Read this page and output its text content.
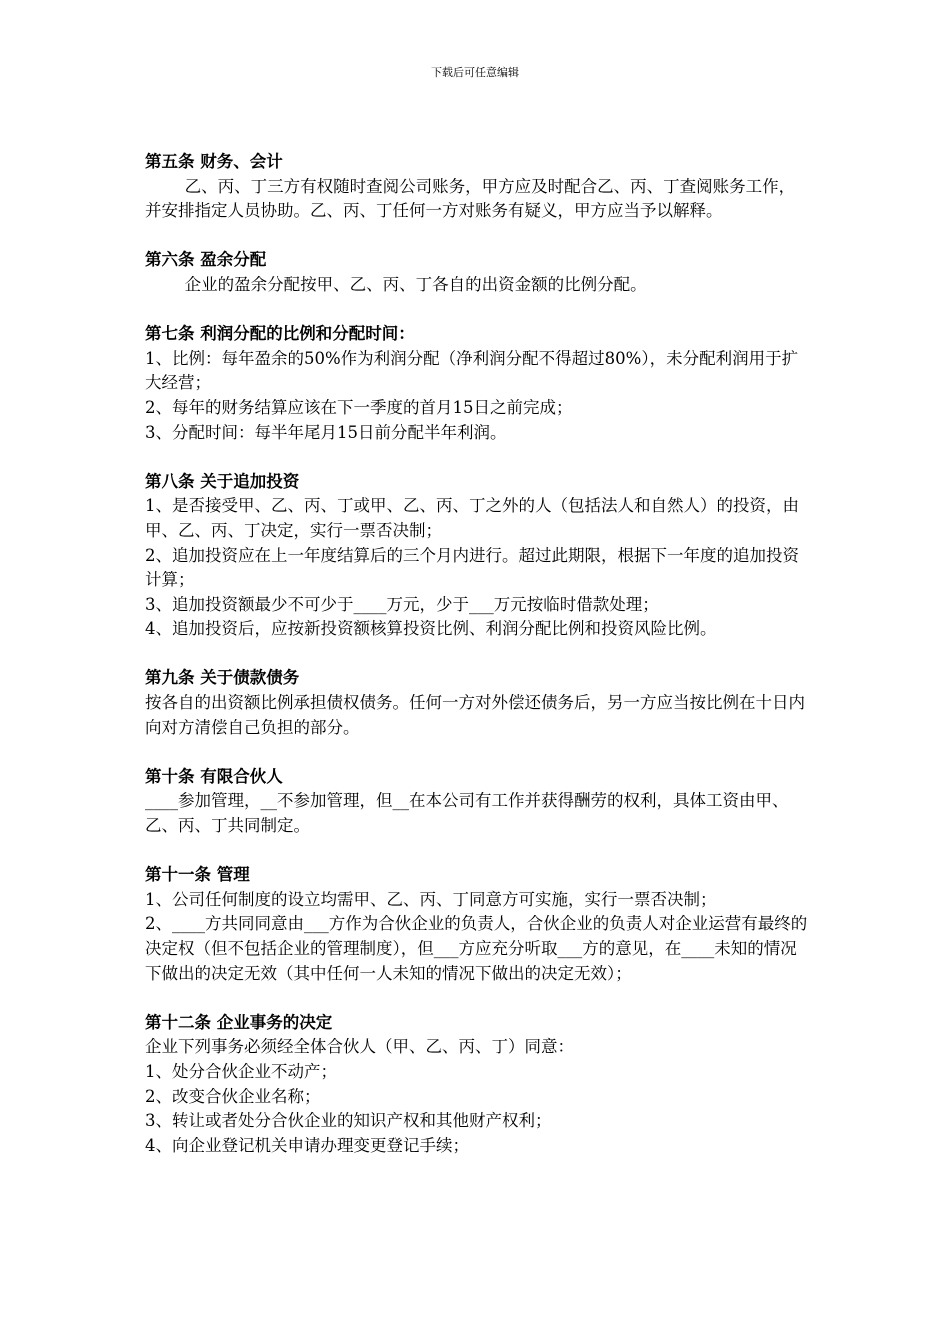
下载后可任意编辑
第五条 财务、会计

乙、丙、丁三方有权随时查阅公司账务，甲方应及时配合乙、丙、丁查阅账务工作，并安排指定人员协助。乙、丙、丁任何一方对账务有疑义，甲方应当予以解释。

第六条 盈余分配

企业的盈余分配按甲、乙、丙、丁各自的出资金额的比例分配。

第七条 利润分配的比例和分配时间：

1、比例：每年盈余的50%作为利润分配（净利润分配不得超过80%），未分配利润用于扩大经营；

2、每年的财务结算应该在下一季度的首月15日之前完成；

3、分配时间：每半年尾月15日前分配半年利润。

第八条 关于追加投资

1、是否接受甲、乙、丙、丁或甲、乙、丙、丁之外的人（包括法人和自然人）的投资，由甲、乙、丙、丁决定，实行一票否决制；

2、追加投资应在上一年度结算后的三个月内进行。超过此期限，根据下一年度的追加投资计算；

3、追加投资额最少不可少于____万元，少于___万元按临时借款处理；

4、追加投资后，应按新投资额核算投资比例、利润分配比例和投资风险比例。

第九条 关于债款债务

按各自的出资额比例承担债权债务。任何一方对外偿还债务后，另一方应当按比例在十日内向对方清偿自己负担的部分。

第十条 有限合伙人

____参加管理，__不参加管理，但__在本公司有工作并获得酬劳的权利，具体工资由甲、乙、丙、丁共同制定。

第十一条 管理

1、公司任何制度的设立均需甲、乙、丙、丁同意方可实施，实行一票否决制；

2、____方共同同意由___方作为合伙企业的负责人，合伙企业的负责人对企业运营有最终的决定权（但不包括企业的管理制度），但___方应充分听取___方的意见，在____未知的情况下做出的决定无效（其中任何一人未知的情况下做出的决定无效）；

第十二条 企业事务的决定

企业下列事务必须经全体合伙人（甲、乙、丙、丁）同意：

1、处分合伙企业不动产；

2、改变合伙企业名称；

3、转让或者处分合伙企业的知识产权和其他财产权利；

4、向企业登记机关申请办理变更登记手续；
